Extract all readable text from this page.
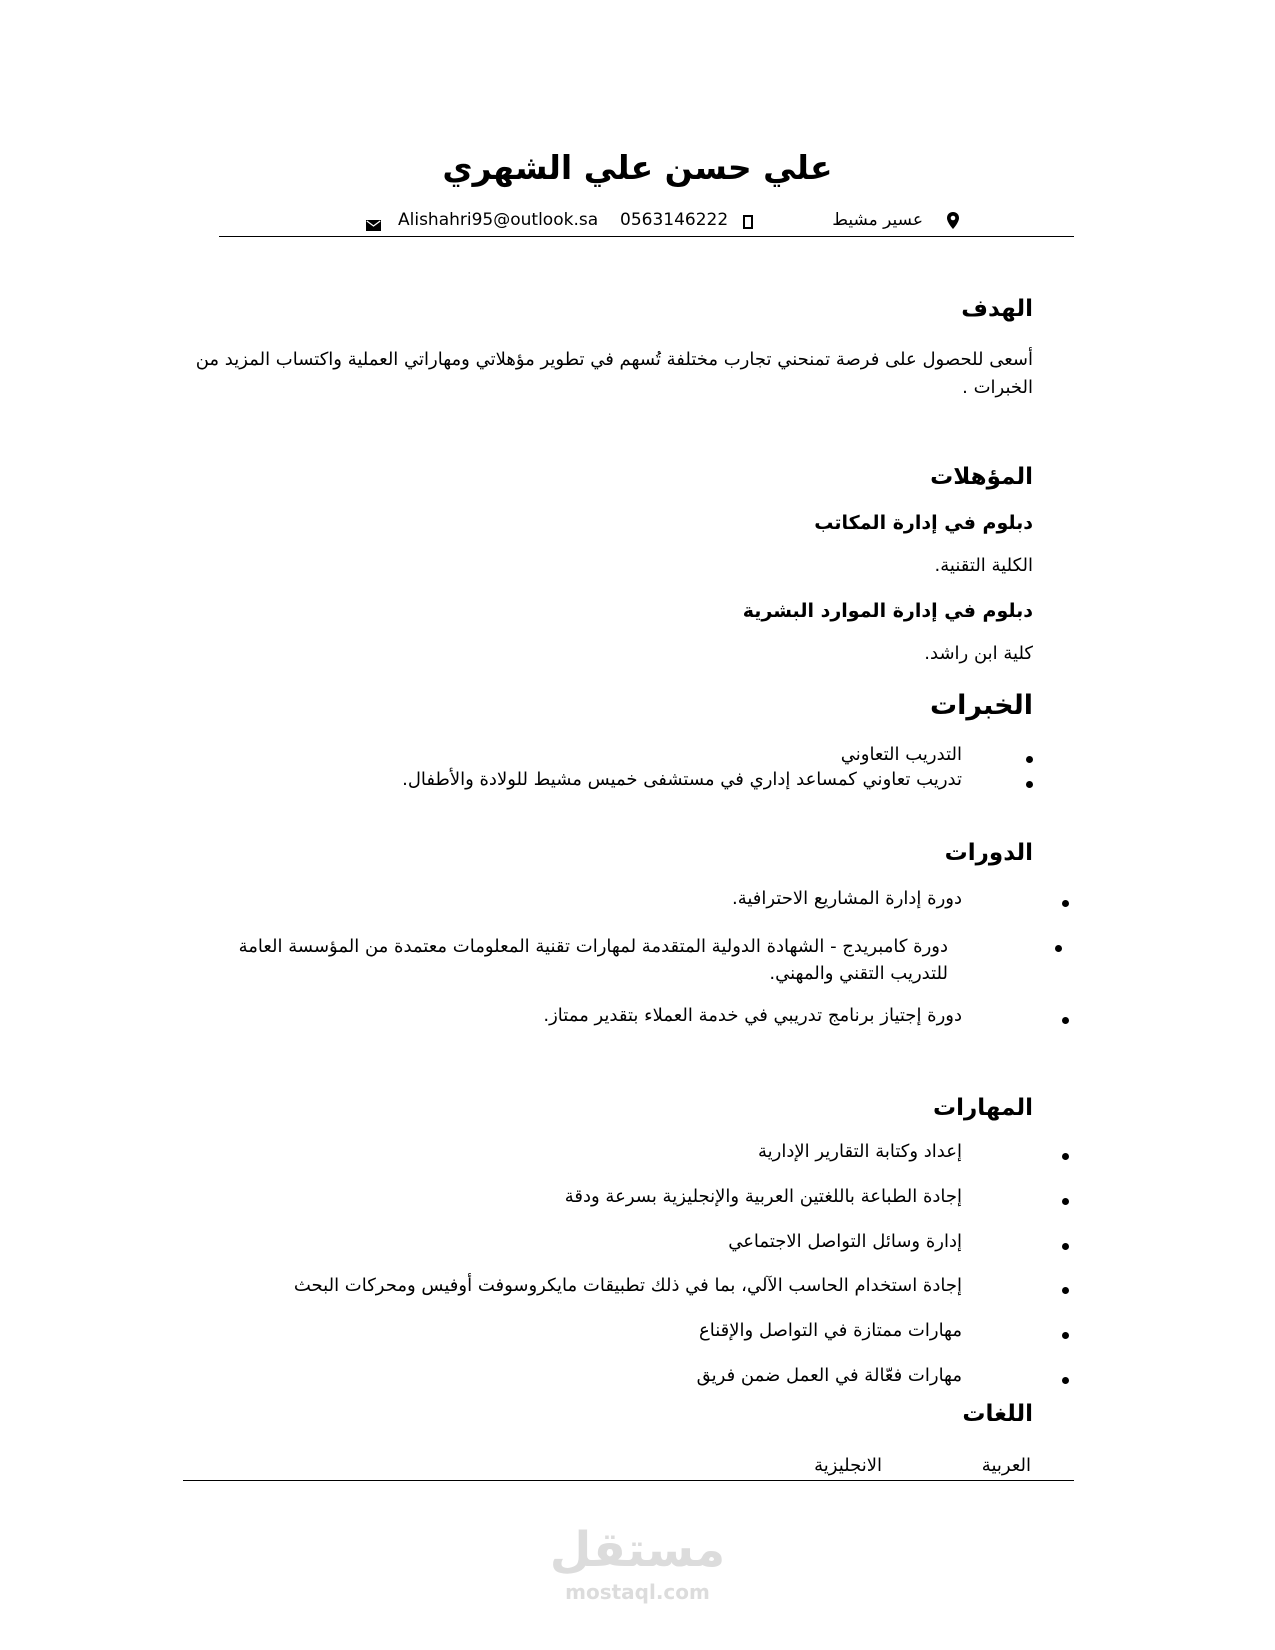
علي حسن علي الشهري
عسير مشيط
0563146222
Alishahri95@outlook.sa
الهدف
أسعى للحصول على فرصة تمنحني تجارب مختلفة تُسهم في تطوير مؤهلاتي ومهاراتي العملية واكتساب المزيد من الخبرات .
المؤهلات
دبلوم في إدارة المكاتب
الكلية التقنية.
دبلوم في إدارة الموارد البشرية
كلية ابن راشد.
الخبرات
التدريب التعاوني
تدريب تعاوني كمساعد إداري في مستشفى خميس مشيط للولادة والأطفال.
الدورات
دورة إدارة المشاريع الاحترافية.
دورة كامبريدج - الشهادة الدولية المتقدمة لمهارات تقنية المعلومات معتمدة من المؤسسة العامة للتدريب التقني والمهني.
دورة إجتياز برنامج تدريبي في خدمة العملاء بتقدير ممتاز.
المهارات
إعداد وكتابة التقارير الإدارية
إجادة الطباعة باللغتين العربية والإنجليزية بسرعة ودقة
إدارة وسائل التواصل الاجتماعي
إجادة استخدام الحاسب الآلي، بما في ذلك تطبيقات مايكروسوفت أوفيس ومحركات البحث
مهارات ممتازة في التواصل والإقناع
مهارات فعّالة في العمل ضمن فريق
اللغات
العربية
الانجليزية
مستقل
mostaql.com
